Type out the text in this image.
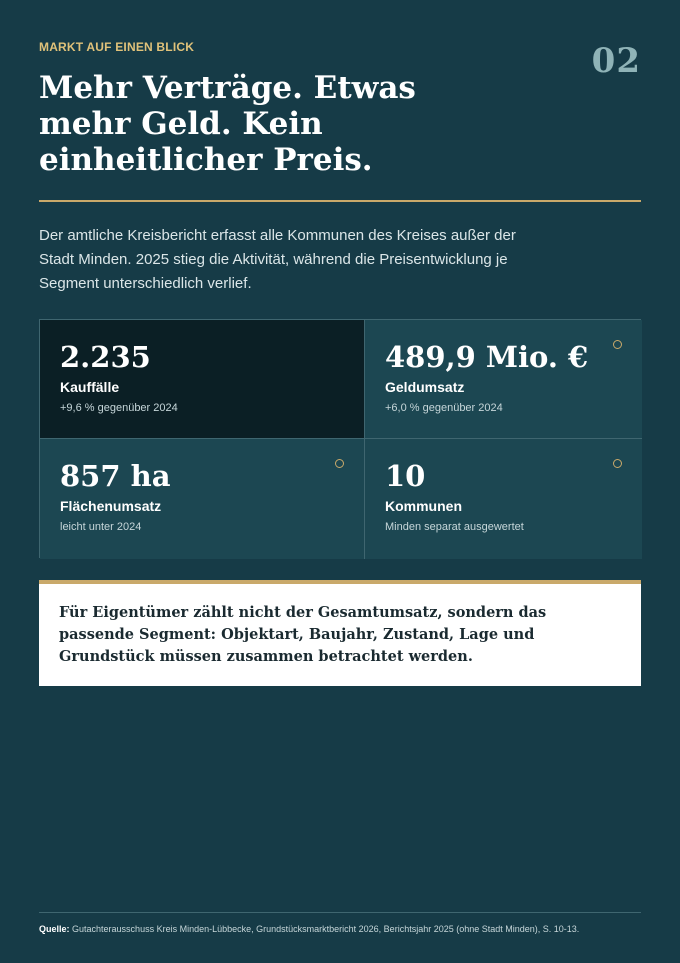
MARKT AUF EINEN BLICK	02
Mehr Verträge. Etwas mehr Geld. Kein einheitlicher Preis.

Der amtliche Kreisbericht erfasst alle Kommunen des Kreises außer der Stadt Minden. 2025 stieg die Aktivität, während die Preisentwicklung je Segment unterschiedlich verlief.

2.235
Kauffälle
+9,6 % gegenüber 2024
489,9 Mio. €
Geldumsatz
+6,0 % gegenüber 2024
857 ha
Flächenumsatz
leicht unter 2024
10
Kommunen
Minden separat ausgewertet

Für Eigentümer zählt nicht der Gesamtumsatz, sondern das passende Segment: Objektart, Baujahr, Zustand, Lage und Grundstück müssen zusammen betrachtet werden.

Quelle: Gutachterausschuss Kreis Minden-Lübbecke, Grundstücksmarktbericht 2026, Berichtsjahr 2025 (ohne Stadt Minden), S. 10-13.
